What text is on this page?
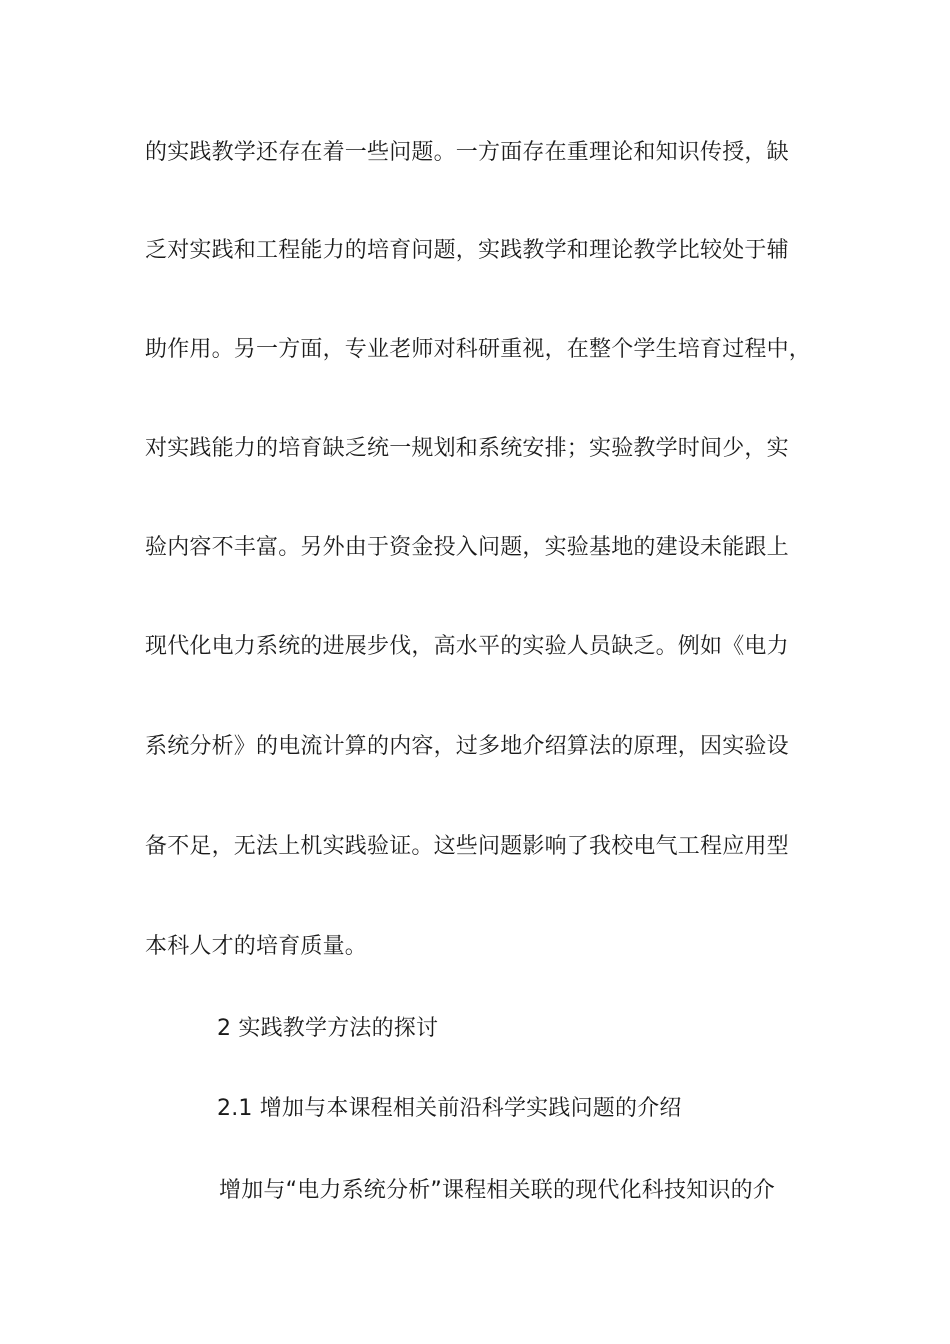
的实践教学还存在着一些问题。一方面存在重理论和知识传授，缺
乏对实践和工程能力的培育问题，实践教学和理论教学比较处于辅
助作用。另一方面，专业老师对科研重视，在整个学生培育过程中，
对实践能力的培育缺乏统一规划和系统安排；实验教学时间少，实
验内容不丰富。另外由于资金投入问题，实验基地的建设未能跟上
现代化电力系统的进展步伐，高水平的实验人员缺乏。例如《电力
系统分析》的电流计算的内容，过多地介绍算法的原理，因实验设
备不足，无法上机实践验证。这些问题影响了我校电气工程应用型
本科人才的培育质量。
2 实践教学方法的探讨
2.1 增加与本课程相关前沿科学实践问题的介绍
增加与“电力系统分析”课程相关联的现代化科技知识的介
